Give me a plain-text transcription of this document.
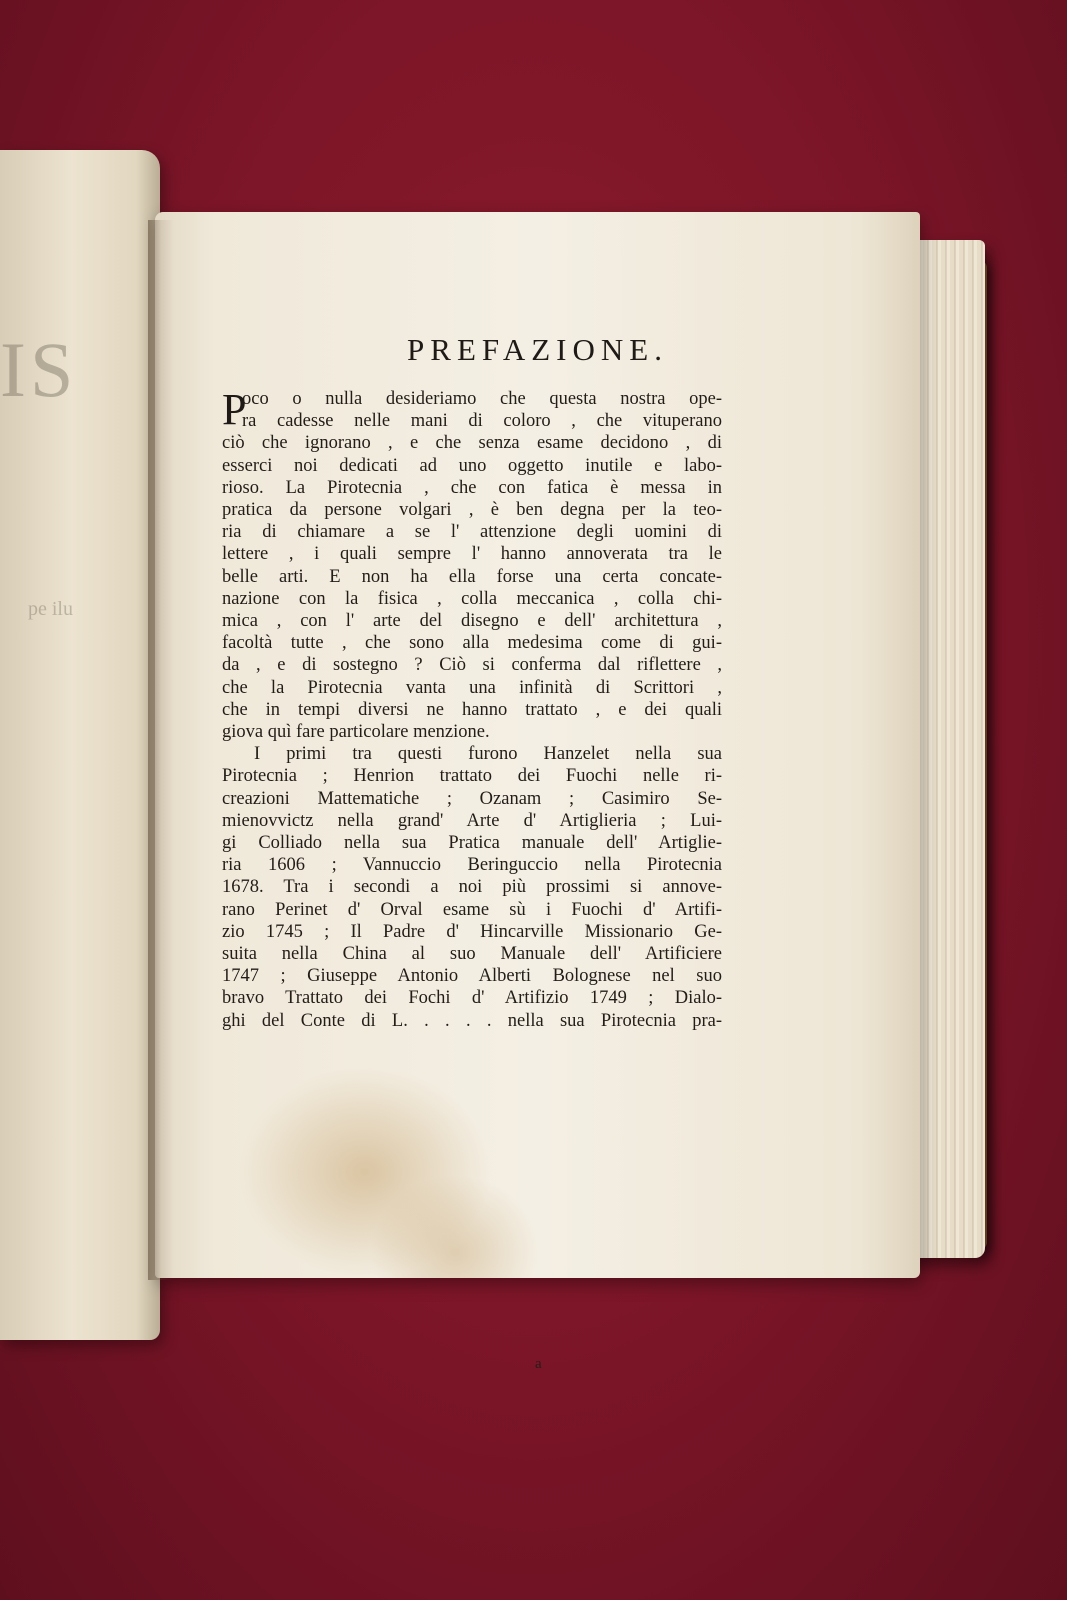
IS
pe ilu
PREFAZIONE.
P
oco o nulla desideriamo che questa nostra ope-
ra cadesse nelle mani di coloro , che vituperano
ciò che ignorano , e che senza esame decidono , di
esserci noi dedicati ad uno oggetto inutile e labo-
rioso. La Pirotecnia , che con fatica è messa in
pratica da persone volgari , è ben degna per la teo-
ria di chiamare a se l' attenzione degli uomini di
lettere , i quali sempre l' hanno annoverata tra le
belle arti. E non ha ella forse una certa concate-
nazione con la fisica , colla meccanica , colla chi-
mica , con l' arte del disegno e dell' architettura ,
facoltà tutte , che sono alla medesima come di gui-
da , e di sostegno ? Ciò si conferma dal riflettere ,
che la Pirotecnia vanta una infinità di Scrittori ,
che in tempi diversi ne hanno trattato , e dei quali
giova quì fare particolare menzione.
I primi tra questi furono Hanzelet nella sua
Pirotecnia ; Henrion trattato dei Fuochi nelle ri-
creazioni Mattematiche ; Ozanam ; Casimiro Se-
mienovvictz nella grand' Arte d' Artiglieria ; Lui-
gi Colliado nella sua Pratica manuale dell' Artiglie-
ria 1606 ; Vannuccio Beringuccio nella Pirotecnia
1678. Tra i secondi a noi più prossimi si annove-
rano Perinet d' Orval esame sù i Fuochi d' Artifi-
zio 1745 ; Il Padre d' Hincarville Missionario Ge-
suita nella China al suo Manuale dell' Artificiere
1747 ; Giuseppe Antonio Alberti Bolognese nel suo
bravo Trattato dei Fochi d' Artifizio 1749 ; Dialo-
ghi del Conte di L. . . . . nella sua Pirotecnia pra-
a
